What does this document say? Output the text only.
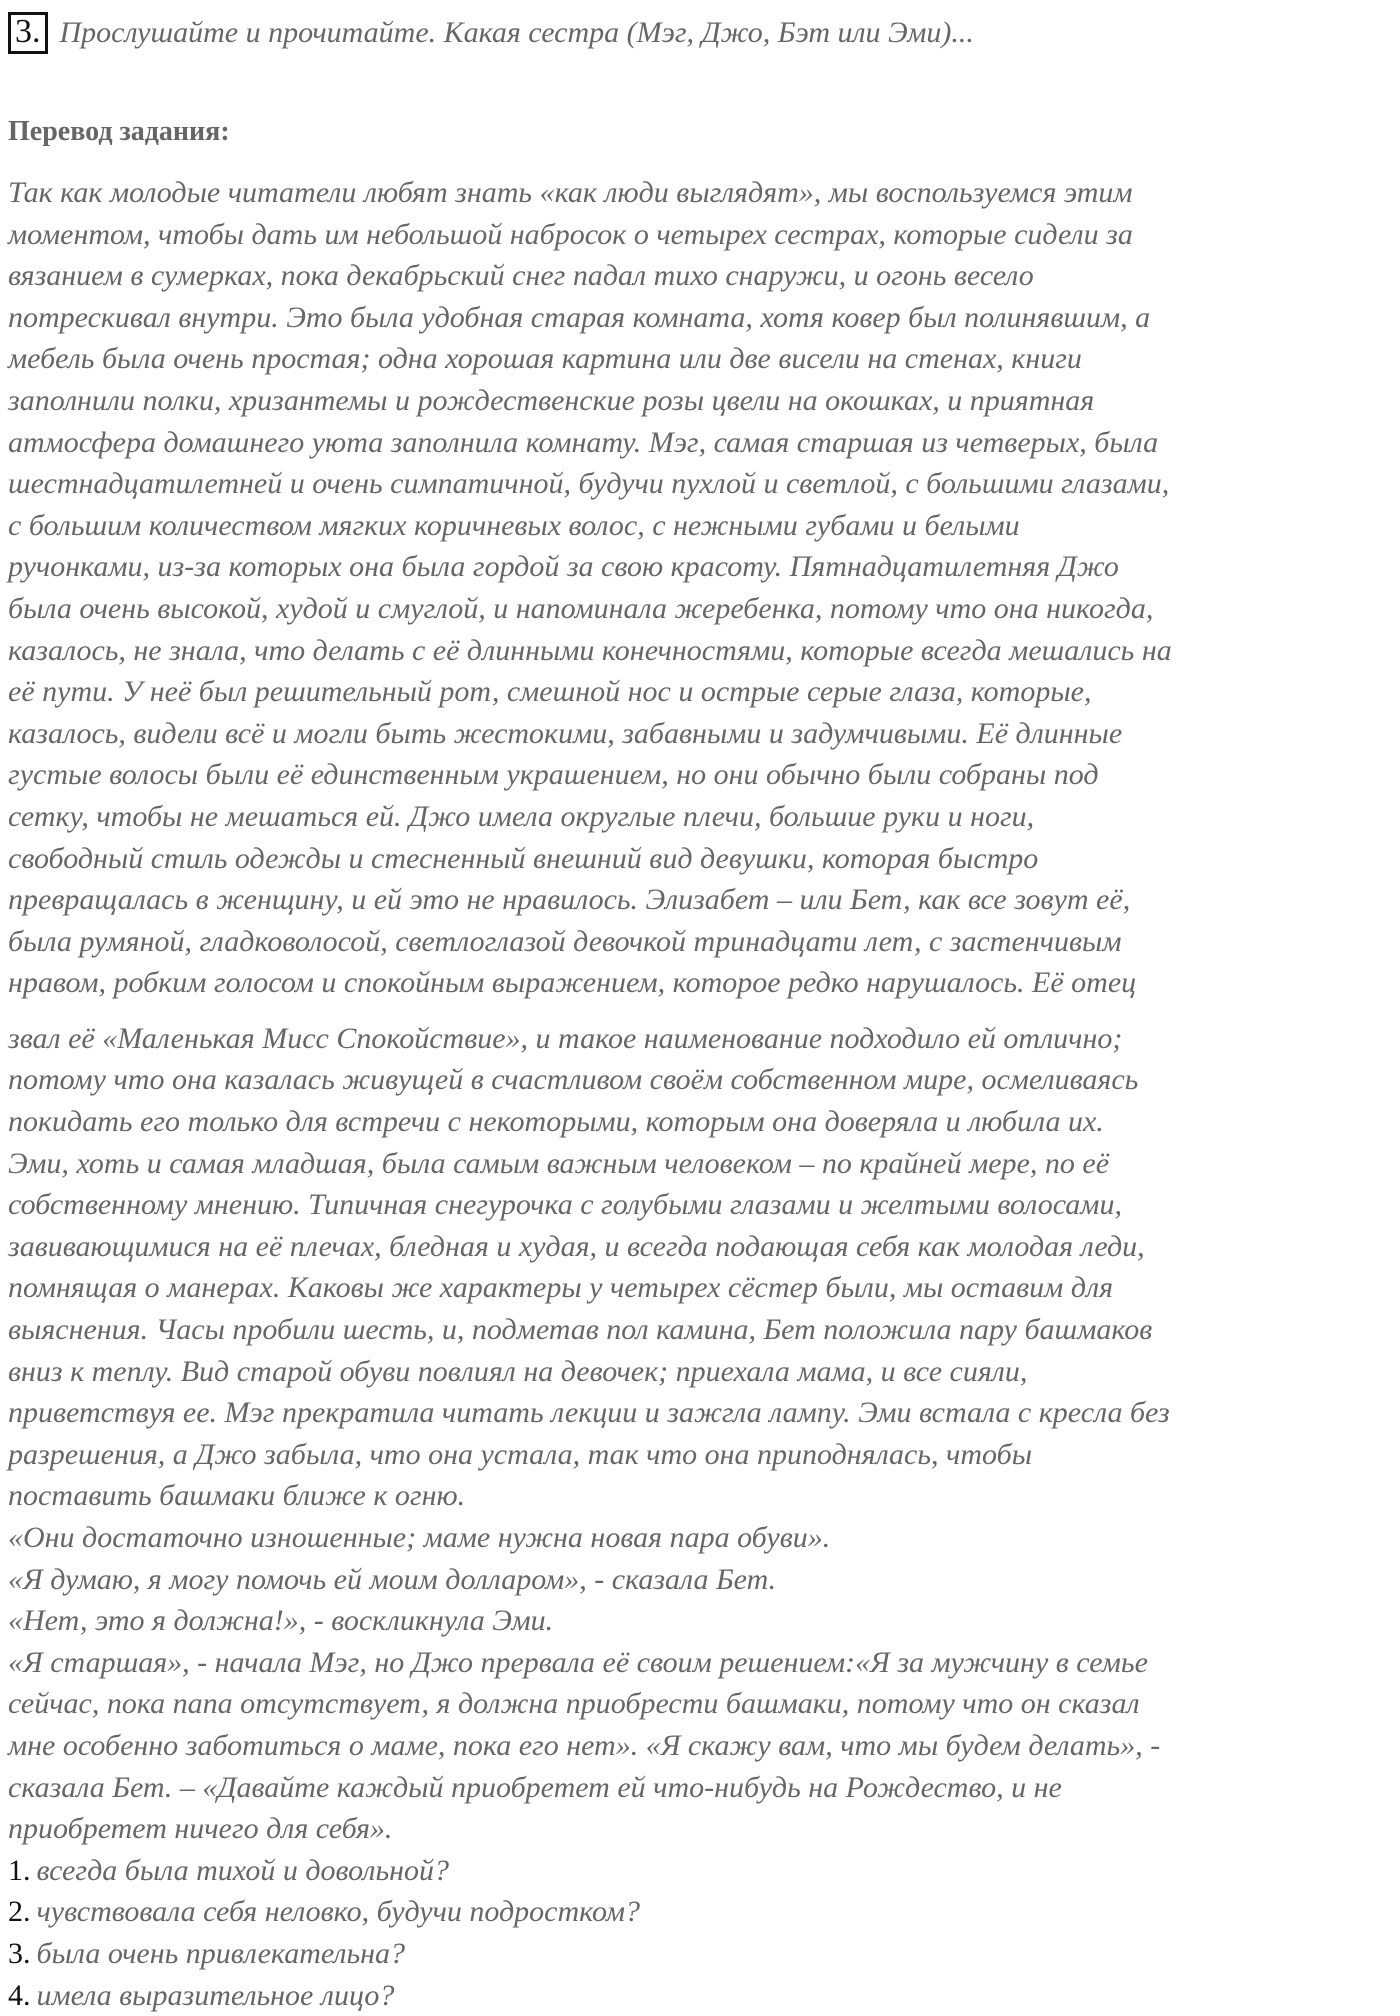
3. Прослушайте и прочитайте. Какая сестра (Мэг, Джо, Бэт или Эми)...
Перевод задания:
Так как молодые читатели любят знать «как люди выглядят», мы воспользуемся этим
моментом, чтобы дать им небольшой набросок о четырех сестрах, которые сидели за
вязанием в сумерках, пока декабрьский снег падал тихо снаружи, и огонь весело
потрескивал внутри. Это была удобная старая комната, хотя ковер был полинявшим, а
мебель была очень простая; одна хорошая картина или две висели на стенах, книги
заполнили полки, хризантемы и рождественские розы цвели на окошках, и приятная
атмосфера домашнего уюта заполнила комнату. Мэг, самая старшая из четверых, была
шестнадцатилетней и очень симпатичной, будучи пухлой и светлой, с большими глазами,
с большим количеством мягких коричневых волос, с нежными губами и белыми
ручонками, из-за которых она была гордой за свою красоту. Пятнадцатилетняя Джо
была очень высокой, худой и смуглой, и напоминала жеребенка, потому что она никогда,
казалось, не знала, что делать с её длинными конечностями, которые всегда мешались на
её пути. У неё был решительный рот, смешной нос и острые серые глаза, которые,
казалось, видели всё и могли быть жестокими, забавными и задумчивыми. Её длинные
густые волосы были её единственным украшением, но они обычно были собраны под
сетку, чтобы не мешаться ей. Джо имела округлые плечи, большие руки и ноги,
свободный стиль одежды и стесненный внешний вид девушки, которая быстро
превращалась в женщину, и ей это не нравилось. Элизабет – или Бет, как все зовут её,
была румяной, гладковолосой, светлоглазой девочкой тринадцати лет, с застенчивым
нравом, робким голосом и спокойным выражением, которое редко нарушалось. Её отец
звал её «Маленькая Мисс Спокойствие», и такое наименование подходило ей отлично;
потому что она казалась живущей в счастливом своём собственном мире, осмеливаясь
покидать его только для встречи с некоторыми, которым она доверяла и любила их.
Эми, хоть и самая младшая, была самым важным человеком – по крайней мере, по её
собственному мнению. Типичная снегурочка с голубыми глазами и желтыми волосами,
завивающимися на её плечах, бледная и худая, и всегда подающая себя как молодая леди,
помнящая о манерах. Каковы же характеры у четырех сёстер были, мы оставим для
выяснения. Часы пробили шесть, и, подметав пол камина, Бет положила пару башмаков
вниз к теплу. Вид старой обуви повлиял на девочек; приехала мама, и все сияли,
приветствуя ее. Мэг прекратила читать лекции и зажгла лампу. Эми встала с кресла без
разрешения, а Джо забыла, что она устала, так что она приподнялась, чтобы
поставить башмаки ближе к огню.
«Они достаточно изношенные; маме нужна новая пара обуви».
«Я думаю, я могу помочь ей моим долларом», - сказала Бет.
«Нет, это я должна!», - воскликнула Эми.
«Я старшая», - начала Мэг, но Джо прервала её своим решением:«Я за мужчину в семье
сейчас, пока папа отсутствует, я должна приобрести башмаки, потому что он сказал
мне особенно заботиться о маме, пока его нет». «Я скажу вам, что мы будем делать», -
сказала Бет. – «Давайте каждый приобретет ей что-нибудь на Рождество, и не
приобретет ничего для себя».
1. всегда была тихой и довольной?
2. чувствовала себя неловко, будучи подростком?
3. была очень привлекательна?
4. имела выразительное лицо?
